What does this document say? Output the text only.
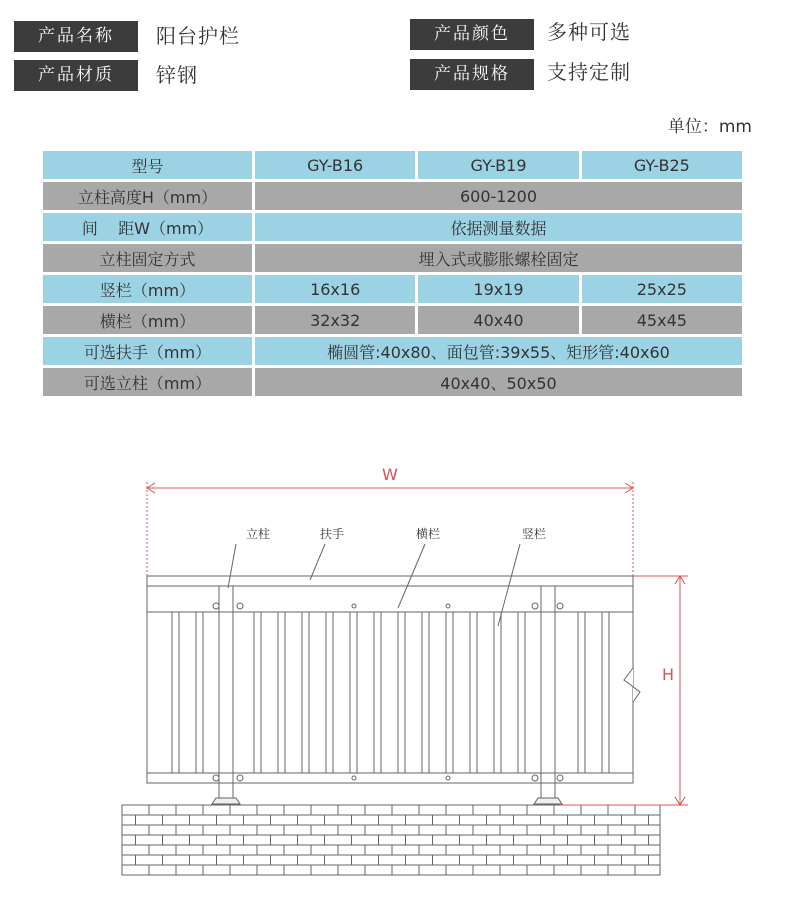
产品名称	阳台护栏
产品材质	锌钢
产品颜色	多种可选
产品规格	支持定制
单位：mm
型号	GY-B16	GY-B19	GY-B25
立柱高度H（mm）	600-1200		
间    距W（mm）	依据测量数据		
立柱固定方式	埋入式或膨胀螺栓固定		
竖栏（mm）	16x16	19x19	25x25
横栏（mm）	32x32	40x40	45x45
可选扶手（mm）	椭圆管:40x80、面包管:39x55、矩形管:40x60		
可选立柱（mm）	40x40、50x50		
立柱	扶手	横栏	竖栏
W
H
